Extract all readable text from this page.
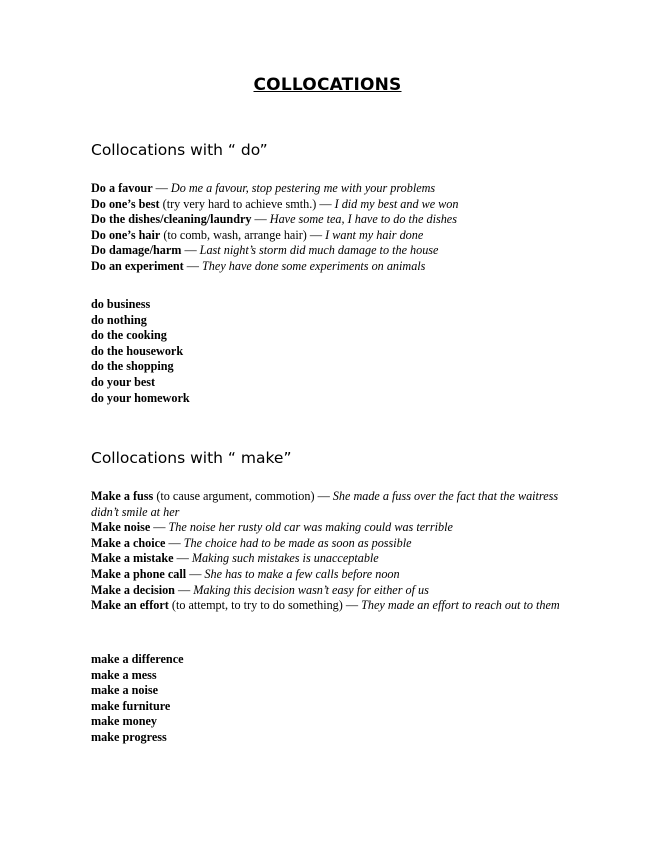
COLLOCATIONS
Collocations with “ do”

Do a favour — Do me a favour, stop pestering me with your problems

Do one’s best (try very hard to achieve smth.) — I did my best and we won

Do the dishes/cleaning/laundry — Have some tea, I have to do the dishes

Do one’s hair (to comb, wash, arrange hair) — I want my hair done

Do damage/harm — Last night’s storm did much damage to the house

Do an experiment — They have done some experiments on animals

do business
do nothing
do the cooking
do the housework
do the shopping
do your best
do your homework
Collocations with “ make”

Make a fuss (to cause argument, commotion) — She made a fuss over the fact that the waitress didn’t smile at her

Make noise — The noise her rusty old car was making could was terrible

Make a choice — The choice had to be made as soon as possible

Make a mistake — Making such mistakes is unacceptable

Make a phone call — She has to make a few calls before noon

Make a decision — Making this decision wasn’t easy for either of us

Make an effort (to attempt, to try to do something) — They made an effort to reach out to them

make a difference
make a mess
make a noise
make furniture
make money
make progress
